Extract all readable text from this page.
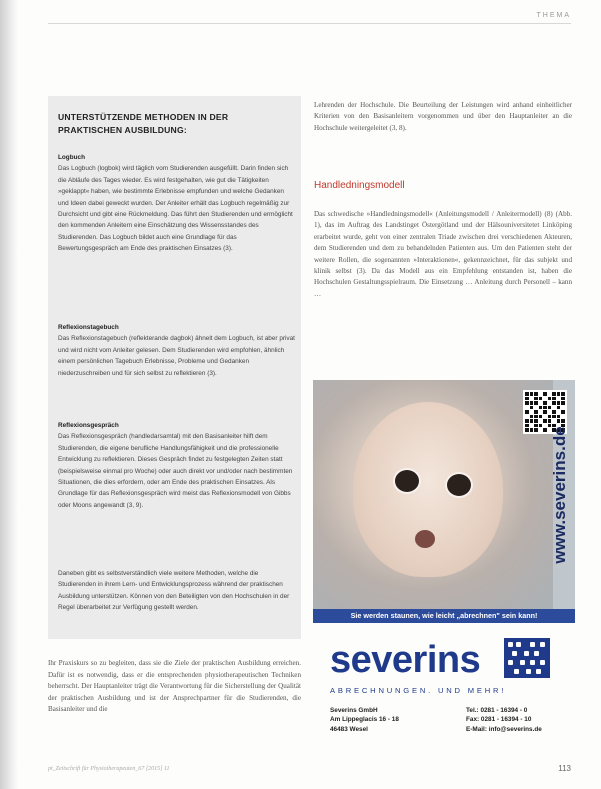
THEMA
UNTERSTÜTZENDE METHODEN IN DER PRAKTISCHEN AUSBILDUNG:
Logbuch
Das Logbuch (logbok) wird täglich vom Studierenden ausgefüllt. Darin finden sich die Abläufe des Tages wieder. Es wird festgehalten, wie gut die Tätigkeiten »geklappt« haben, wie bestimmte Erlebnisse empfunden und welche Gedanken und Ideen dabei geweckt wurden. Der Anleiter erhält das Logbuch regelmäßig zur Durchsicht und gibt eine Rückmeldung. Das führt den Studierenden und ermöglicht den kommenden Anleitern eine Einschätzung des Wissensstandes des Studierenden. Das Logbuch bildet auch eine Grundlage für das Bewertungsgespräch am Ende des praktischen Einsatzes (3).
Reflexionstagebuch
Das Reflexionstagebuch (reflekterande dagbok) ähnelt dem Logbuch, ist aber privat und wird nicht vom Anleiter gelesen. Dem Studierenden wird empfohlen, ähnlich einem persönlichen Tagebuch Erlebnisse, Probleme und Gedanken niederzuschreiben und für sich selbst zu reflektieren (3).
Reflexionsgespräch
Das Reflexionsgespräch (handledarsamtal) mit den Basisanleiter hilft dem Studierenden, die eigene berufliche Handlungsfähigkeit und die professionelle Entwicklung zu reflektieren. Dieses Gespräch findet zu festgelegten Zeiten statt (beispielsweise einmal pro Woche) oder auch direkt vor und/oder nach bestimmten Situationen, die dies erfordern, oder am Ende des praktischen Einsatzes. Als Grundlage für das Reflexionsgespräch wird meist das Reflexionsmodell von Gibbs oder Moons angewandt (3, 9).
Daneben gibt es selbstverständlich viele weitere Methoden, welche die Studierenden in ihrem Lern- und Entwicklungsprozess während der praktischen Ausbildung unterstützen. Können von den Beteiligten von den Hochschulen in der Regel überarbeitet zur Verfügung gestellt werden.
Lehrenden der Hochschule. Die Beurteilung der Leistungen wird anhand einheitlicher Kriterien von den Basisanleitern vorgenommen und über den Hauptanleiter an die Hochschule weitergeleitet (3, 8).
Handledningsmodell
Das schwedische »Handledningsmodell« (Anleitungsmodell / Anleitermodell) (8) (Abb. 1), das im Auftrag des Landstinget Östergötland und der Hälsouniversitetet Linköping erarbeitet wurde, geht von einer zentralen Triade zwischen drei verschiedenen Akteuren, dem Studierenden und dem zu behandelnden Patienten aus. Um den Patienten steht der weitere Rollen, die sogenannten »Interaktionen«, gekennzeichnet, für das subjekt und klinik selbst (3). Da das Modell aus ein Empfehlung entstanden ist, haben die Hochschulen Gestaltungsspielraum. Die Einsetzung … Anleitung durch Personell – kann …
Ihr Praxiskurs so zu begleiten, dass sie die Ziele der praktischen Ausbildung erreichen. Dafür ist es notwendig, dass er die entsprechenden physiotherapeutischen Techniken beherrscht. Der Hauptanleiter trägt die Verantwortung für die Sicherstellung der Qualität der praktischen Ausbildung und ist der Ansprechpartner für die Studierenden, die Basisanleiter und die
www.severins.de
Sie werden staunen, wie leicht „abrechnen" sein kann!
severins
ABRECHNUNGEN. UND MEHR!
Severins GmbH
Am Lippeglacis 16 - 18
46483 Wesel
Tel.: 0281 - 16394 - 0
Fax: 0281 - 16394 - 10
E-Mail: info@severins.de
pt_Zeitschrift für Physiotherapeuten_67 [2015] 11	113
